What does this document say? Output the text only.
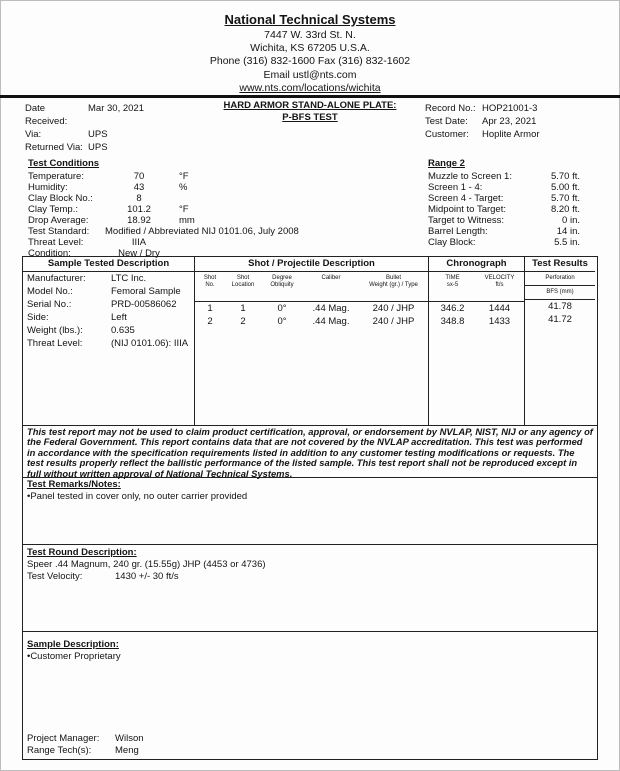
National Technical Systems
7447 W. 33rd St. N.
Wichita, KS 67205 U.S.A.
Phone (316) 832-1600 Fax (316) 832-1602
Email ustl@nts.com
www.nts.com/locations/wichita
HARD ARMOR STAND-ALONE PLATE:
P-BFS TEST
Date Received:
Mar 30, 2021
Via:	UPS
Returned Via: UPS
Record No.: HOP21001-3
Test Date:	Apr 23, 2021
Customer:	Hoplite Armor
Test Conditions
Temperature:	70	°F
Humidity:	43	%
Clay Block No.:	8
Clay Temp.:	101.2	°F
Drop Average:	18.92	mm
Test Standard:	Modified / Abbreviated NIJ 0101.06, July 2008
Threat Level:	IIIA
Condition:	New / Dry
Range 2
Muzzle to Screen 1:	5.70 ft.
Screen 1 - 4:	5.00 ft.
Screen 4 - Target:	5.70 ft.
Midpoint to Target:	8.20 ft.
Target to Witness:	0 in.
Barrel Length:	14 in.
Clay Block:	5.5 in.
Sample Tested Description
Manufacturer:	LTC Inc.
Model No.:	Femoral Sample
Serial No.:	PRD-00586062
Side:	Left
Weight (lbs.):	0.635
Threat Level:	(NIJ 0101.06): IIIA
Shot / Projectile Description
Shot
No.
Shot
Location
Degree
Obliquity
Caliber	Bullet
Weight (gr.) / Type
1	1	0°	.44 Mag.	240 / JHP
2	2	0°	.44 Mag.	240 / JHP
Chronograph
TIME
sx-5
VELOCITY
ft/s
346.2	1444
348.8	1433
Test Results
Perforation
BFS (mm)
41.78
41.72
This test report may not be used to claim product certification, approval, or endorsement by NVLAP, NIST, NIJ or any agency of the Federal Government. This report contains data that are not covered by the NVLAP accreditation. This test was performed in accordance with the specification requirements listed in addition to any customer testing modifications or requests. The test results properly reflect the ballistic performance of the listed sample. This test report shall not be reproduced except in full without written approval of National Technical Systems.
Test Remarks/Notes:
•Panel tested in cover only, no outer carrier provided
Test Round Description:
Speer .44 Magnum, 240 gr. (15.55g) JHP (4453 or 4736)
Test Velocity:	1430 +/- 30 ft/s
Sample Description:
•Customer Proprietary
Project Manager:	Wilson
Range Tech(s):	Meng
